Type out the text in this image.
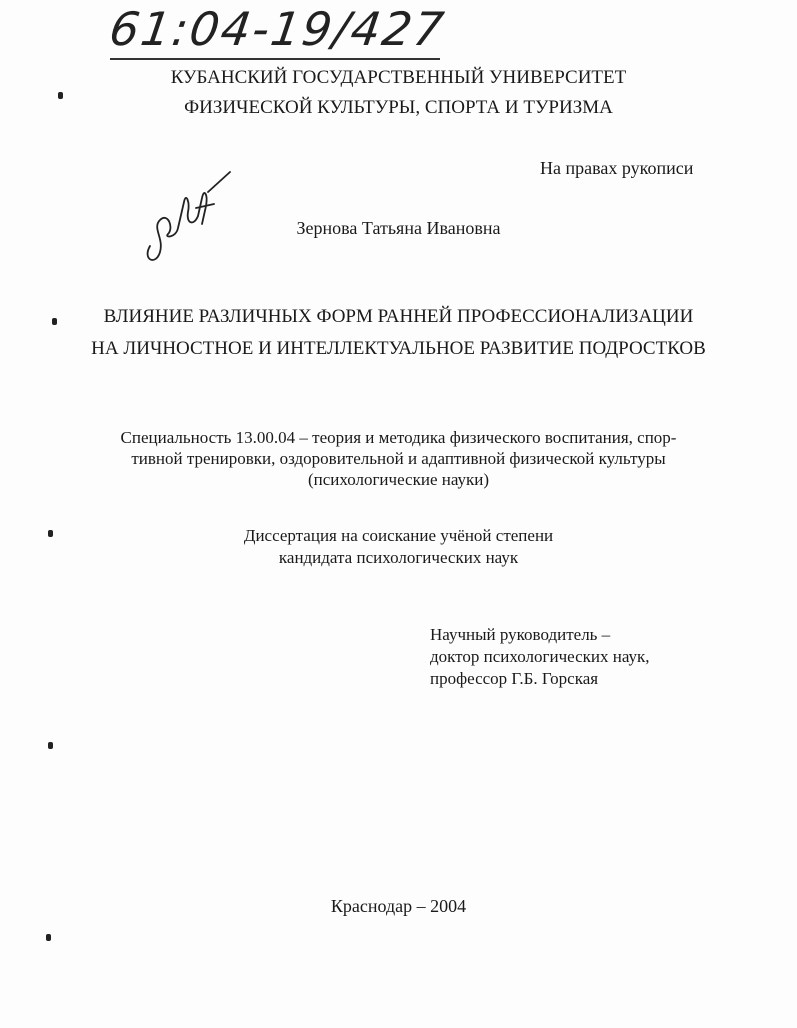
61:04-19/427
КУБАНСКИЙ ГОСУДАРСТВЕННЫЙ УНИВЕРСИТЕТ
ФИЗИЧЕСКОЙ КУЛЬТУРЫ, СПОРТА И ТУРИЗМА
На правах рукописи
Зернова Татьяна Ивановна
ВЛИЯНИЕ РАЗЛИЧНЫХ ФОРМ РАННЕЙ ПРОФЕССИОНАЛИЗАЦИИ
НА ЛИЧНОСТНОЕ И ИНТЕЛЛЕКТУАЛЬНОЕ РАЗВИТИЕ ПОДРОСТКОВ
Специальность 13.00.04 – теория и методика физического воспитания, спор-
тивной тренировки, оздоровительной и адаптивной физической культуры
(психологические науки)
Диссертация на соискание учёной степени
кандидата психологических наук
Научный руководитель –
доктор психологических наук,
профессор Г.Б. Горская
Краснодар – 2004
